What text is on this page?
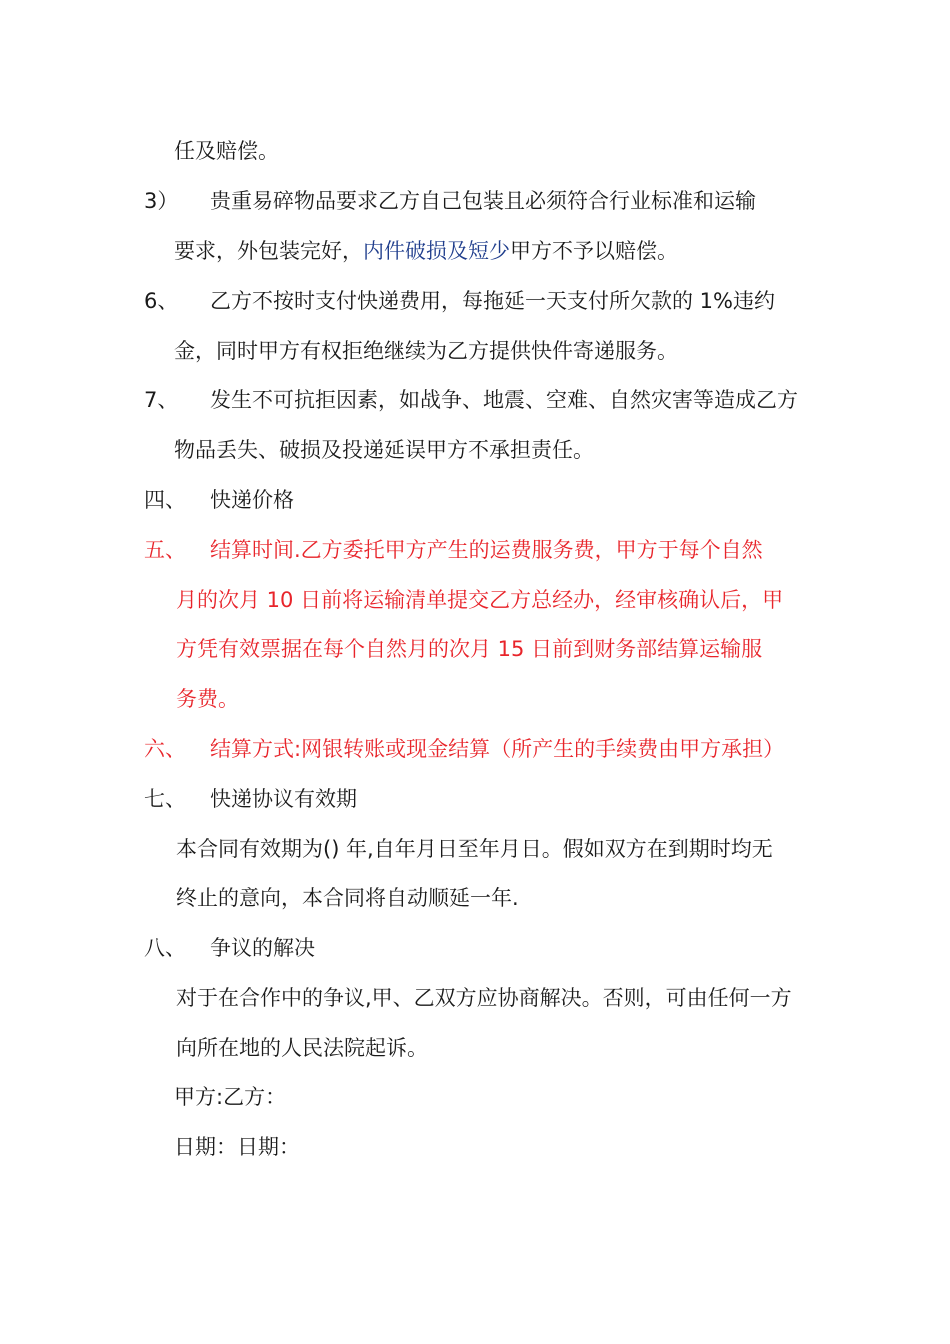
任及赔偿。
3） 贵重易碎物品要求乙方自己包装且必须符合行业标准和运输
要求，外包装完好，内件破损及短少甲方不予以赔偿。
6、 乙方不按时支付快递费用，每拖延一天支付所欠款的 1%违约
金，同时甲方有权拒绝继续为乙方提供快件寄递服务。
7、 发生不可抗拒因素，如战争、地震、空难、自然灾害等造成乙方
物品丢失、破损及投递延误甲方不承担责任。
四、 快递价格
五、 结算时间.乙方委托甲方产生的运费服务费，甲方于每个自然
月的次月 10 日前将运输清单提交乙方总经办，经审核确认后，甲
方凭有效票据在每个自然月的次月 15 日前到财务部结算运输服
务费。
六、 结算方式:网银转账或现金结算（所产生的手续费由甲方承担）
七、 快递协议有效期
本合同有效期为() 年,自年月日至年月日。假如双方在到期时均无
终止的意向，本合同将自动顺延一年.
八、 争议的解决
对于在合作中的争议,甲、乙双方应协商解决。否则，可由任何一方
向所在地的人民法院起诉。
甲方:乙方：
日期：日期：
